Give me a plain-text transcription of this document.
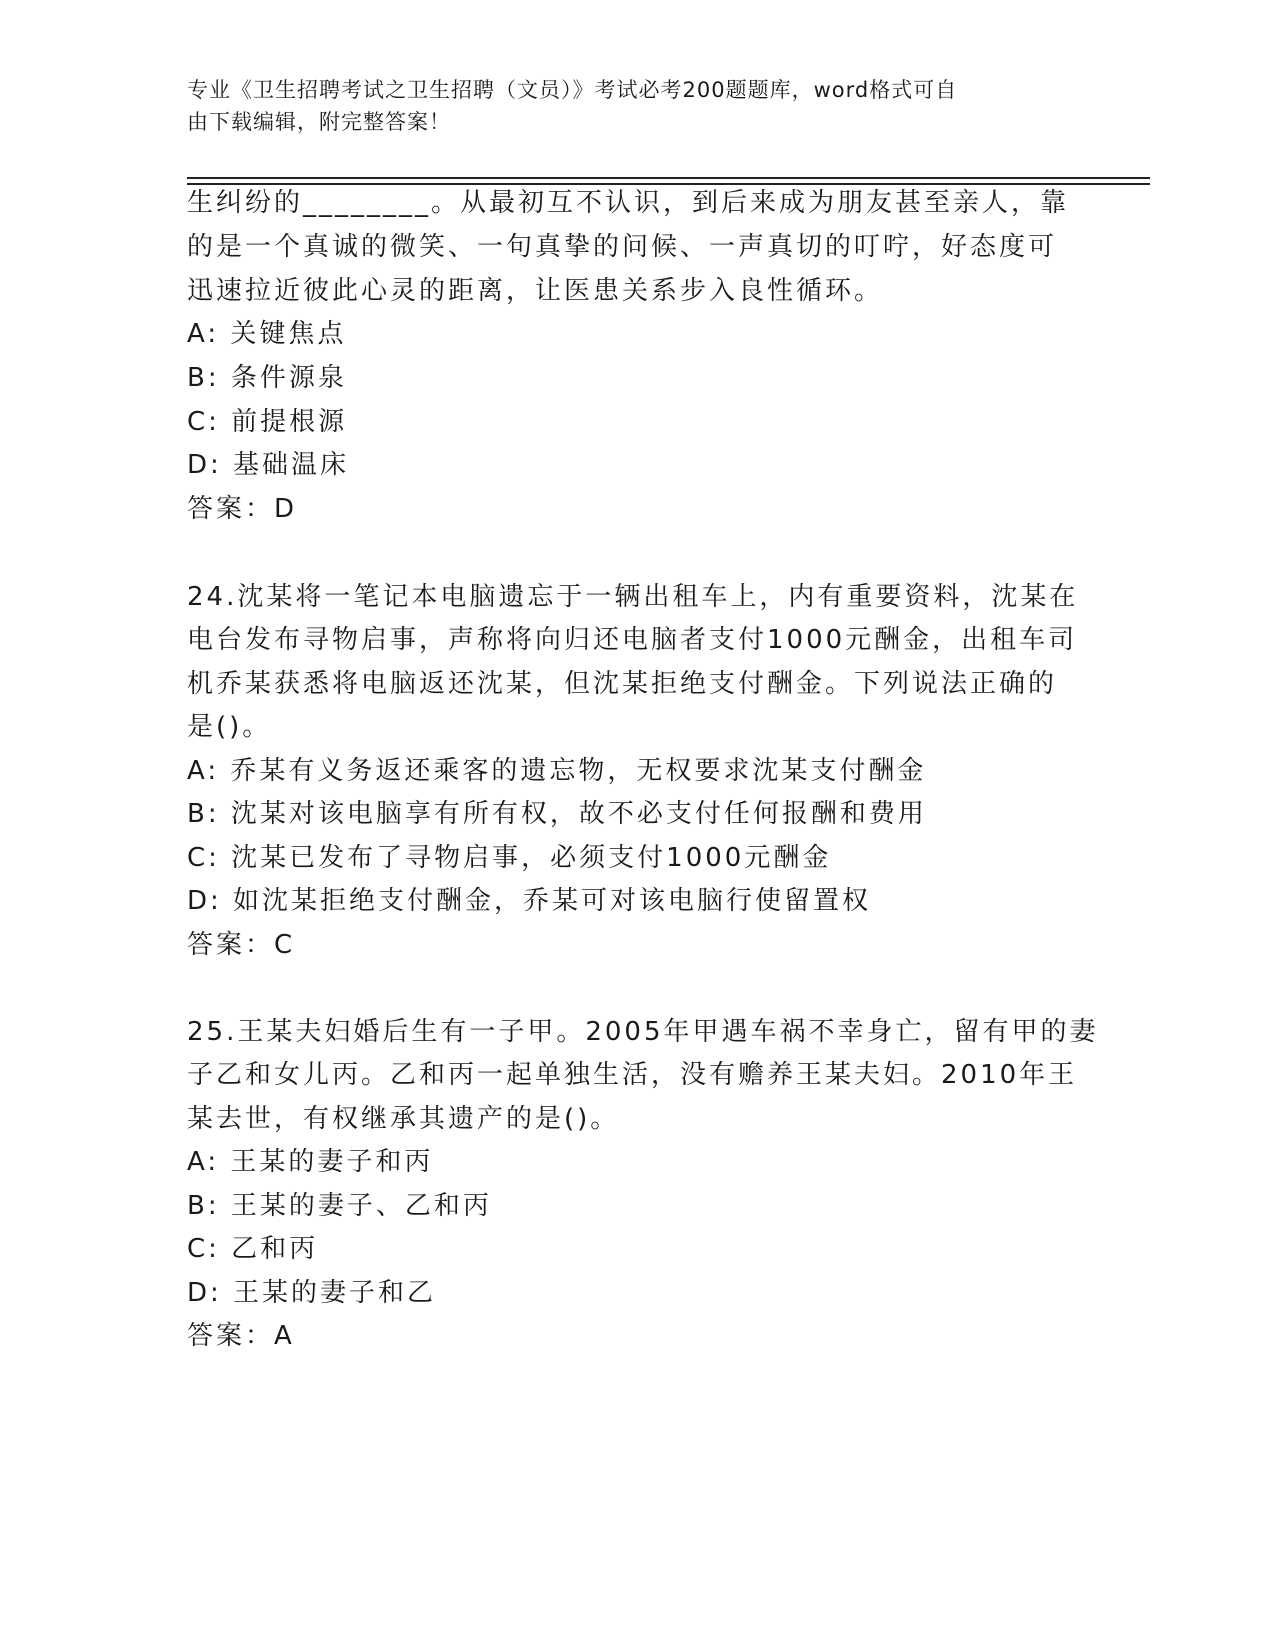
专业《卫生招聘考试之卫生招聘（文员）》考试必考200题题库，word格式可自
由下载编辑，附完整答案！
生纠纷的________。从最初互不认识，到后来成为朋友甚至亲人，靠
的是一个真诚的微笑、一句真挚的问候、一声真切的叮咛，好态度可
迅速拉近彼此心灵的距离，让医患关系步入良性循环。
A: 关键焦点
B: 条件源泉
C: 前提根源
D: 基础温床
答案：D
24.沈某将一笔记本电脑遗忘于一辆出租车上，内有重要资料，沈某在
电台发布寻物启事，声称将向归还电脑者支付1000元酬金，出租车司
机乔某获悉将电脑返还沈某，但沈某拒绝支付酬金。下列说法正确的
是()。
A: 乔某有义务返还乘客的遗忘物，无权要求沈某支付酬金
B: 沈某对该电脑享有所有权，故不必支付任何报酬和费用
C: 沈某已发布了寻物启事，必须支付1000元酬金
D: 如沈某拒绝支付酬金，乔某可对该电脑行使留置权
答案：C
25.王某夫妇婚后生有一子甲。2005年甲遇车祸不幸身亡，留有甲的妻
子乙和女儿丙。乙和丙一起单独生活，没有赡养王某夫妇。2010年王
某去世，有权继承其遗产的是()。
A: 王某的妻子和丙
B: 王某的妻子、乙和丙
C: 乙和丙
D: 王某的妻子和乙
答案：A
